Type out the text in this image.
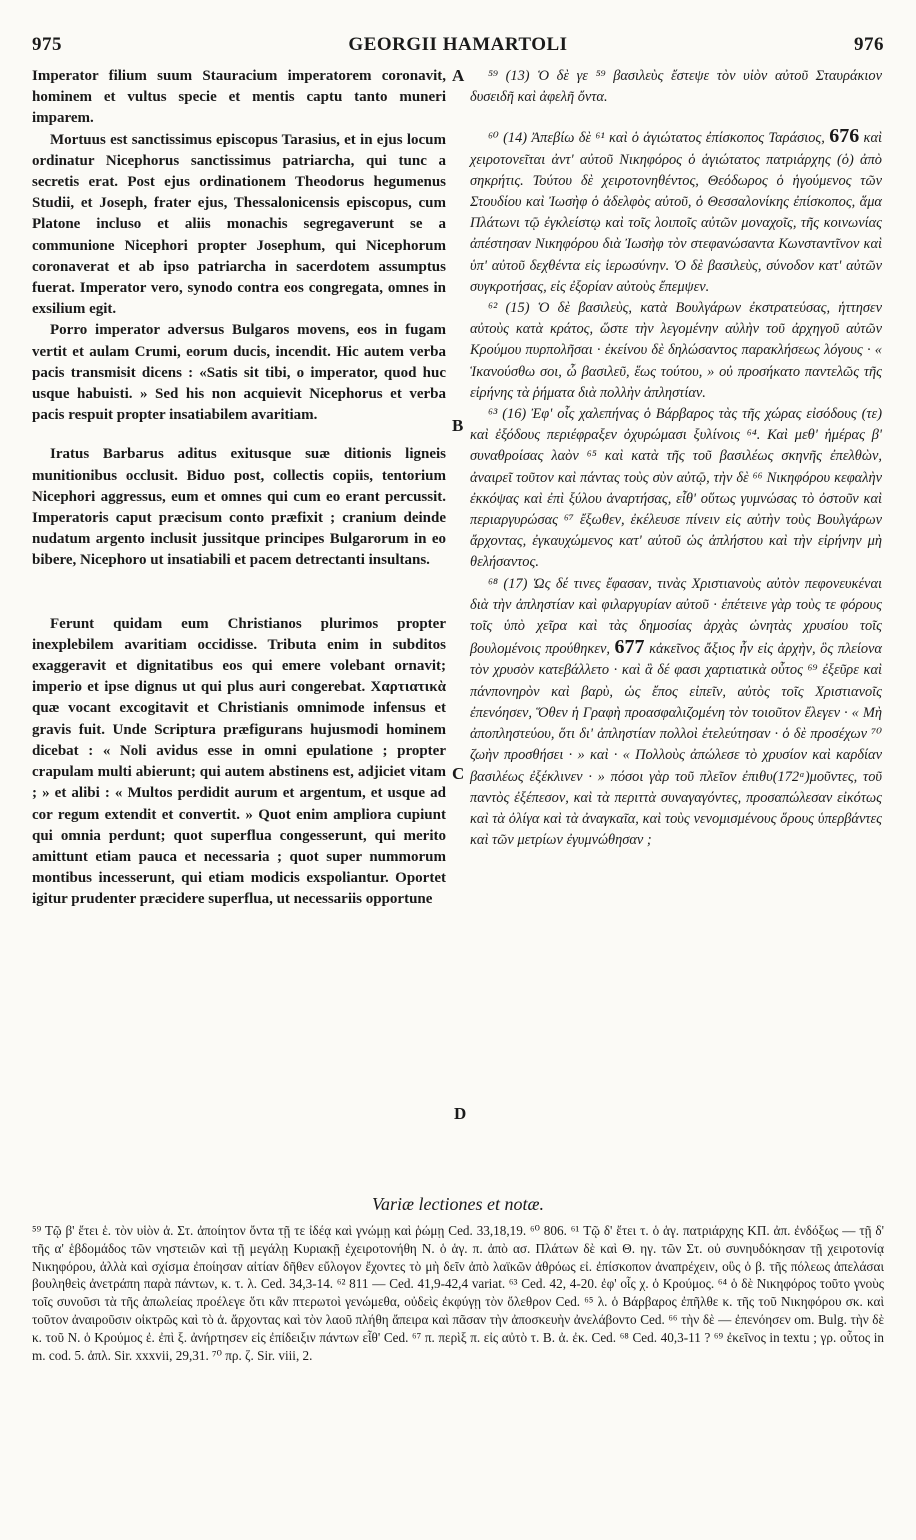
975	GEORGII HAMARTOLI	976
A
B
C
D

Imperator filium suum Stauracium imperatorem coronavit, hominem et vultus specie et mentis captu tanto muneri imparem.

Mortuus est sanctissimus episcopus Tarasius, et in ejus locum ordinatur Nicephorus sanctissimus patriarcha, qui tunc a secretis erat. Post ejus ordinationem Theodorus hegumenus Studii, et Joseph, frater ejus, Thessalonicensis episcopus, cum Platone incluso et aliis monachis segregaverunt se a communione Nicephori propter Josephum, qui Nicephorum coronaverat et ab ipso patriarcha in sacerdotem assumptus fuerat. Imperator vero, synodo contra eos congregata, omnes in exsilium egit.

Porro imperator adversus Bulgaros movens, eos in fugam vertit et aulam Crumi, eorum ducis, incendit. Hic autem verba pacis transmisit dicens : «Satis sit tibi, o imperator, quod huc usque habuisti. » Sed his non acquievit Nicephorus et verba pacis respuit propter insatiabilem avaritiam.

Iratus Barbarus aditus exitusque suæ ditionis ligneis munitionibus occlusit. Biduo post, collectis copiis, tentorium Nicephori aggressus, eum et omnes qui cum eo erant percussit. Imperatoris caput præcisum conto præfixit ; cranium deinde nudatum argento inclusit jussitque principes Bulgarorum in eo bibere, Nicephoro ut insatiabili et pacem detrectanti insultans.

Ferunt quidam eum Christianos plurimos propter inexplebilem avaritiam occidisse. Tributa enim in subditos exaggeravit et dignitatibus eos qui emere volebant ornavit; imperio et ipse dignus ut qui plus auri congerebat. Χαρτιατικὰ quæ vocant excogitavit et Christianis omnimode infensus et gravis fuit. Unde Scriptura præfigurans hujusmodi hominem dicebat : « Noli avidus esse in omni epulatione ; propter crapulam multi abierunt; qui autem abstinens est, adjiciet vitam ; » et alibi : « Multos perdidit aurum et argentum, et usque ad cor regum extendit et convertit. » Quot enim ampliora cupiunt qui omnia perdunt; quot superflua congesserunt, qui merito amittunt etiam pauca et necessaria ; quot super nummorum montibus incesserunt, qui etiam modicis exspoliantur. Oportet igitur prudenter præcidere superflua, ut necessariis opportune

⁵⁹ (13) Ὁ δὲ γε ⁵⁹ βασιλεὺς ἔστεψε τὸν υἱὸν αὐτοῦ Σταυράκιον δυσειδῆ καὶ ἀφελῆ ὄντα.

⁶⁰ (14) Ἀπεβίω δὲ ⁶¹ καὶ ὁ ἁγιώτατος ἐπίσκοπος Ταράσιος, 676 καὶ χειροτονεῖται ἀντ' αὐτοῦ Νικηφόρος ὁ ἁγιώτατος πατριάρχης (ὁ) ἀπὸ σηκρήτις. Τούτου δὲ χειροτονηθέντος, Θεόδωρος ὁ ἡγούμενος τῶν Στουδίου καὶ Ἰωσὴφ ὁ ἀδελφὸς αὐτοῦ, ὁ Θεσσαλονίκης ἐπίσκοπος, ἅμα Πλάτωνι τῷ ἐγκλείστῳ καὶ τοῖς λοιποῖς αὐτῶν μοναχοῖς, τῆς κοινωνίας ἀπέστησαν Νικηφόρου διὰ Ἰωσὴφ τὸν στεφανώσαντα Κωνσταντῖνον καὶ ὑπ' αὐτοῦ δεχθέντα εἰς ἱερωσύνην. Ὁ δὲ βασιλεὺς, σύνοδον κατ' αὐτῶν συγκροτήσας, εἰς ἐξορίαν αὐτοὺς ἔπεμψεν.

⁶² (15) Ὁ δὲ βασιλεὺς, κατὰ Βουλγάρων ἐκστρατεύσας, ἡττησεν αὐτοὺς κατὰ κράτος, ὥστε τὴν λεγομένην αὐλὴν τοῦ ἀρχηγοῦ αὐτῶν Κρούμου πυρπολῆσαι · ἐκείνου δὲ δηλώσαντος παρακλήσεως λόγους · « Ἱκανούσθω σοι, ὦ βασιλεῦ, ἕως τούτου, » οὐ προσήκατο παντελῶς τῆς εἰρήνης τὰ ῥήματα διὰ πολλὴν ἀπληστίαν.

⁶³ (16) Ἐφ' οἷς χαλεπήνας ὁ Βάρβαρος τὰς τῆς χώρας εἰσόδους (τε) καὶ ἐξόδους περιέφραξεν ὀχυρώμασι ξυλίνοις ⁶⁴. Καὶ μεθ' ἡμέρας β' συναθροίσας λαὸν ⁶⁵ καὶ κατὰ τῆς τοῦ βασιλέως σκηνῆς ἐπελθὼν, ἀναιρεῖ τοῦτον καὶ πάντας τοὺς σὺν αὐτῷ, τὴν δὲ ⁶⁶ Νικηφόρου κεφαλὴν ἐκκόψας καὶ ἐπὶ ξύλου ἀναρτήσας, εἶθ' οὕτως γυμνώσας τὸ ὀστοῦν καὶ περιαργυρώσας ⁶⁷ ἔξωθεν, ἐκέλευσε πίνειν εἰς αὐτὴν τοὺς Βουλγάρων ἄρχοντας, ἐγκαυχώμενος κατ' αὐτοῦ ὡς ἀπλήστου καὶ τὴν εἰρήνην μὴ θελήσαντος.

⁶⁸ (17) Ὡς δέ τινες ἔφασαν, τινὰς Χριστιανοὺς αὐτὸν πεφονευκέναι διὰ τὴν ἀπληστίαν καὶ φιλαργυρίαν αὐτοῦ · ἐπέτεινε γὰρ τοὺς τε φόρους τοῖς ὑπὸ χεῖρα καὶ τὰς δημοσίας ἀρχὰς ὠνητὰς χρυσίου τοῖς βουλομένοις προύθηκεν, 677 κἀκεῖνος ἄξιος ἦν εἰς ἀρχὴν, ὃς πλείονα τὸν χρυσὸν κατεβάλλετο · καὶ ἃ δέ φασι χαρτιατικὰ οὗτος ⁶⁹ ἐξεῦρε καὶ πάνπονηρὸν καὶ βαρὺ, ὡς ἔπος εἰπεῖν, αὐτὸς τοῖς Χριστιανοῖς ἐπενόησεν, Ὅθεν ἡ Γραφὴ προασφαλιζομένη τὸν τοιοῦτον ἔλεγεν · « Μὴ ἀποπληστεύου, ὅτι δι' ἀπληστίαν πολλοὶ ἐτελεύτησαν · ὁ δὲ προσέχων ⁷⁰ ζωὴν προσθήσει · » καὶ · « Πολλοὺς ἀπώλεσε τὸ χρυσίον καὶ καρδίαν βασιλέως ἐξέκλινεν · » πόσοι γὰρ τοῦ πλεῖον ἐπιθυ(172ᵃ)μοῦντες, τοῦ παντὸς ἐξέπεσον, καὶ τὰ περιττὰ συναγαγόντες, προσαπώλεσαν εἰκότως καὶ τὰ ὀλίγα καὶ τὰ ἀναγκαῖα, καὶ τοὺς νενομισμένους ὅρους ὑπερβάντες καὶ τῶν μετρίων ἐγυμνώθησαν ;

Variæ lectiones et notæ.
⁵⁹ Τῷ β' ἔτει ἑ. τὸν υἱὸν ἀ. Στ. ἀποίητον ὄντα τῇ τε ἰδέᾳ καὶ γνώμῃ καὶ ῥώμῃ Ced. 33,18,19. ⁶⁰ 806. ⁶¹ Τῷ δ' ἔτει τ. ὁ ἁγ. πατριάρχης ΚΠ. ἀπ. ἐνδόξως — τῇ δ' τῆς α' ἑβδομάδος τῶν νηστειῶν καὶ τῇ μεγάλῃ Κυριακῇ ἐχειροτονήθη Ν. ὁ ἁγ. π. ἀπὸ ασ. Πλάτων δὲ καὶ Θ. ηγ. τῶν Στ. οὐ συνηυδόκησαν τῇ χειροτονίᾳ Νικηφόρου, ἀλλὰ καὶ σχίσμα ἐποίησαν αἰτίαν δῆθεν εὔλογον ἔχοντες τὸ μὴ δεῖν ἀπὸ λαϊκῶν ἀθρόως εἰ. ἐπίσκοπον ἀναπρέχειν, οὓς ὁ β. τῆς πόλεως ἀπελάσαι βουληθεὶς ἀνετράπη παρὰ πάντων, κ. τ. λ. Ced. 34,3-14. ⁶² 811 — Ced. 41,9-42,4 variat. ⁶³ Ced. 42, 4-20. ἐφ' οἷς χ. ὁ Κρούμος. ⁶⁴ ὁ δὲ Νικηφόρος τοῦτο γνοὺς τοῖς συνοῦσι τὰ τῆς ἀπωλείας προέλεγε ὅτι κἂν πτερωτοὶ γενώμεθα, οὐδεὶς ἐκφύγῃ τὸν ὄλεθρον Ced. ⁶⁵ λ. ὁ Βάρβαρος ἐπῆλθε κ. τῆς τοῦ Νικηφόρου σκ. καὶ τοῦτον ἀναιροῦσιν οἰκτρῶς καὶ τὸ ἀ. ἄρχοντας καὶ τὸν λαοῦ πλήθη ἄπειρα καὶ πᾶσαν τὴν ἀποσκευὴν ἀνελάβοντο Ced. ⁶⁶ τὴν δὲ — ἐπενόησεν om. Bulg. τὴν δὲ κ. τοῦ Ν. ὁ Κρούμος ἐ. ἐπὶ ξ. ἀνήρτησεν εἰς ἐπίδειξιν πάντων εἶθ' Ced. ⁶⁷ π. περὶξ π. εἰς αὐτὸ τ. Β. ἀ. ἐκ. Ced. ⁶⁸ Ced. 40,3-11 ? ⁶⁹ ἐκεῖνος in textu ; γρ. οὗτος in m. cod. 5. ἀπλ. Sir. xxxvii, 29,31. ⁷⁰ πρ. ζ. Sir. viii, 2.
